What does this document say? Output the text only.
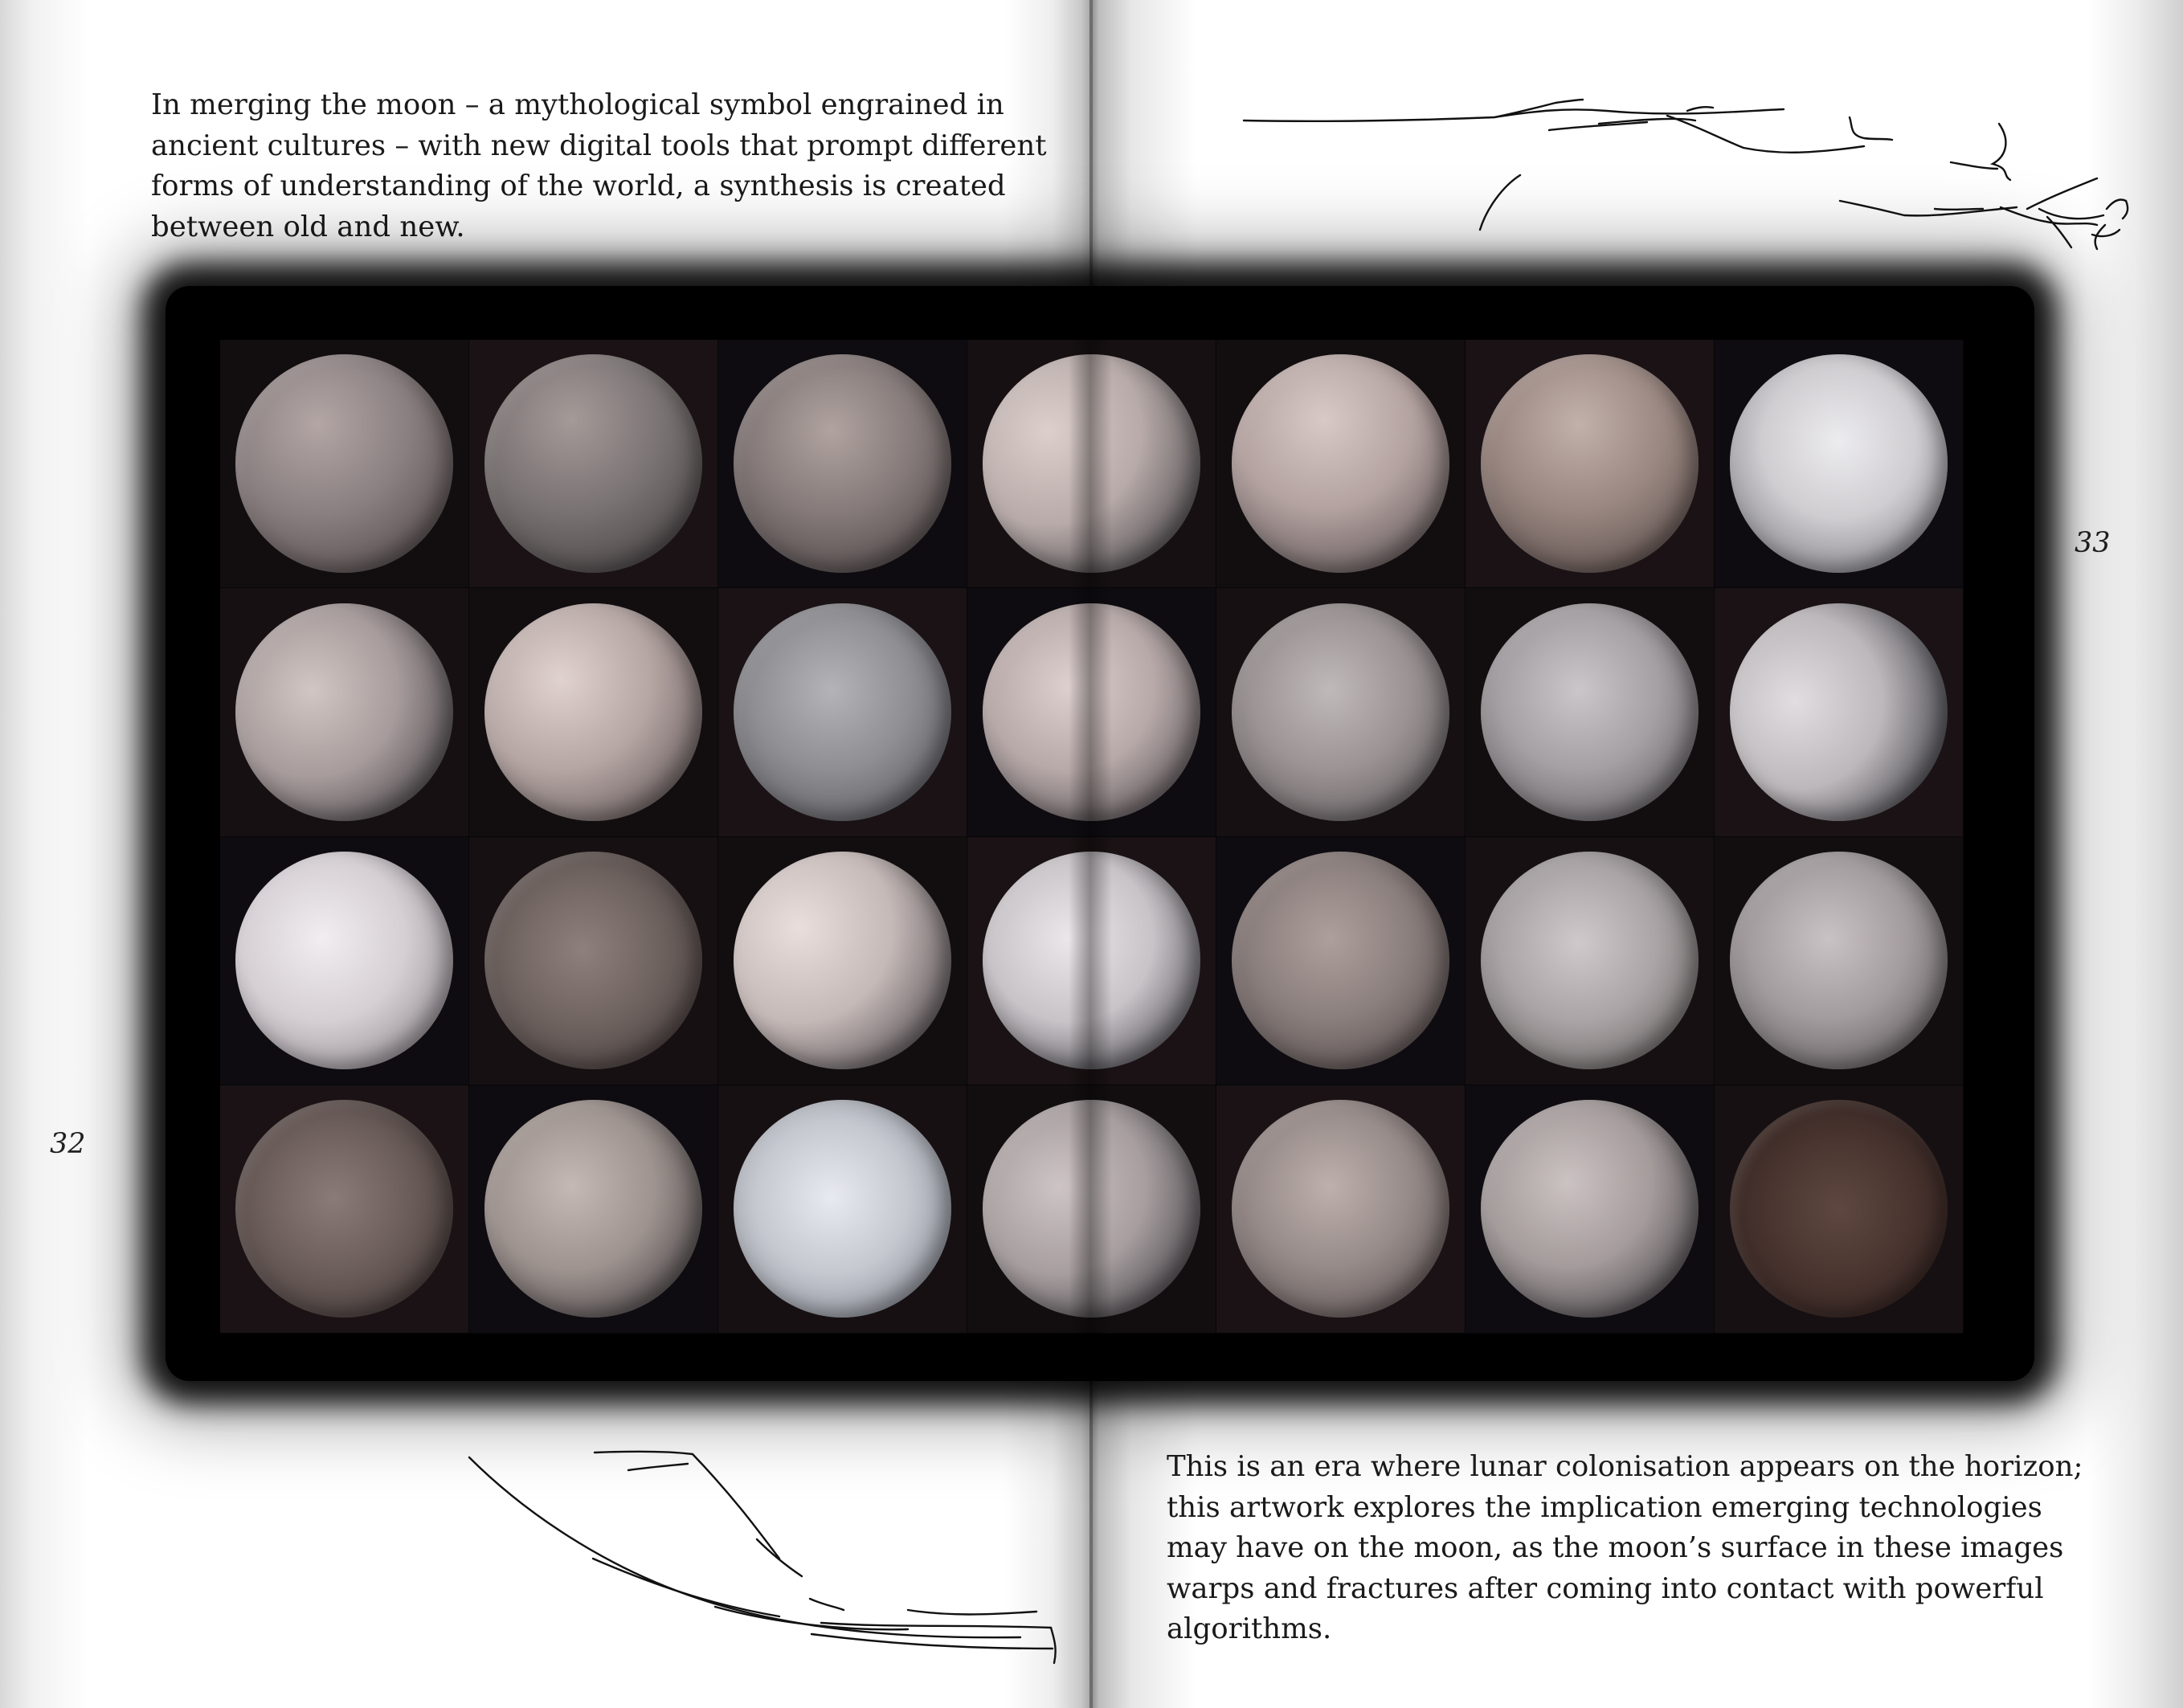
In merging the moon – a mythological symbol engrained in
ancient cultures – with new digital tools that prompt different
forms of understanding of the world, a synthesis is created
between old and new.
32
33
This is an era where lunar colonisation appears on the horizon;
this artwork explores the implication emerging technologies
may have on the moon, as the moon’s surface in these images
warps and fractures after coming into contact with powerful
algorithms.
